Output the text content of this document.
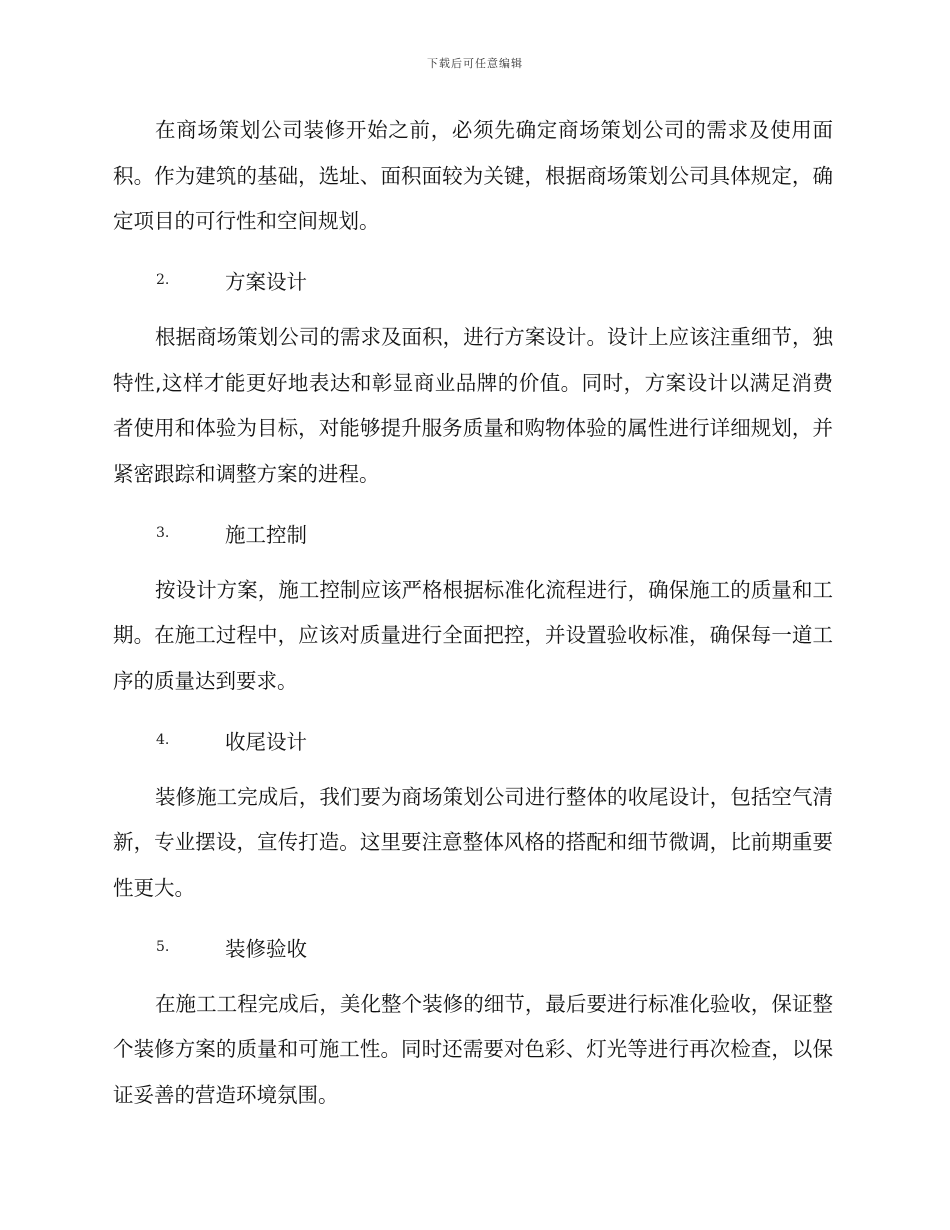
下载后可任意编辑

在商场策划公司装修开始之前，必须先确定商场策划公司的需求及使用面积。作为建筑的基础，选址、面积面较为关键，根据商场策划公司具体规定，确定项目的可行性和空间规划。

2.	方案设计

根据商场策划公司的需求及面积，进行方案设计。设计上应该注重细节，独特性,这样才能更好地表达和彰显商业品牌的价值。同时，方案设计以满足消费者使用和体验为目标，对能够提升服务质量和购物体验的属性进行详细规划，并紧密跟踪和调整方案的进程。

3.	施工控制

按设计方案，施工控制应该严格根据标准化流程进行，确保施工的质量和工期。在施工过程中，应该对质量进行全面把控，并设置验收标准，确保每一道工序的质量达到要求。

4.	收尾设计

装修施工完成后，我们要为商场策划公司进行整体的收尾设计，包括空气清新，专业摆设，宣传打造。这里要注意整体风格的搭配和细节微调，比前期重要性更大。

5.	装修验收

在施工工程完成后，美化整个装修的细节，最后要进行标准化验收，保证整个装修方案的质量和可施工性。同时还需要对色彩、灯光等进行再次检查，以保证妥善的营造环境氛围。
